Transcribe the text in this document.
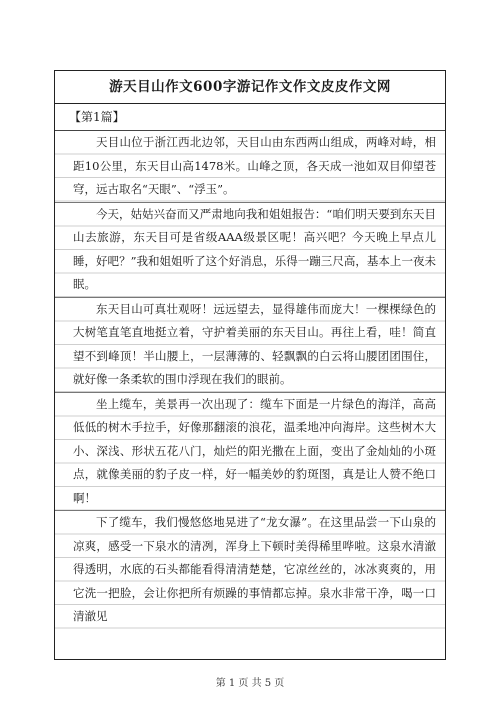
游天目山作文600字游记作文作文皮皮作文网
【第1篇】

天目山位于浙江西北边邻，天目山由东西两山组成，两峰对峙，相距10公里，东天目山高1478米。山峰之顶，各天成一池如双目仰望苍穹，远古取名“天眼”、“浮玉”。

今天，姑姑兴奋而又严肃地向我和姐姐报告：“咱们明天要到东天目山去旅游，东天目可是省级AAA级景区呢！高兴吧？今天晚上早点儿睡，好吧？”我和姐姐听了这个好消息，乐得一蹦三尺高，基本上一夜未眠。

东天目山可真壮观呀！远远望去，显得雄伟而庞大！一棵棵绿色的大树笔直笔直地挺立着，守护着美丽的东天目山。再往上看，哇！简直望不到峰顶！半山腰上，一层薄薄的、轻飘飘的白云将山腰团团围住，就好像一条柔软的围巾浮现在我们的眼前。

坐上缆车，美景再一次出现了：缆车下面是一片绿色的海洋，高高低低的树木手拉手，好像那翻滚的浪花，温柔地冲向海岸。这些树木大小、深浅、形状五花八门，灿烂的阳光撒在上面，变出了金灿灿的小斑点，就像美丽的豹子皮一样，好一幅美妙的豹斑图，真是让人赞不绝口啊！

下了缆车，我们慢悠悠地晃进了“龙女瀑”。在这里品尝一下山泉的凉爽，感受一下泉水的清冽，浑身上下顿时美得稀里哗啦。这泉水清澈得透明，水底的石头都能看得清清楚楚，它凉丝丝的，冰冰爽爽的，用它洗一把脸，会让你把所有烦躁的事情都忘掉。泉水非常干净，喝一口清澈见

第 1 页 共 5 页
